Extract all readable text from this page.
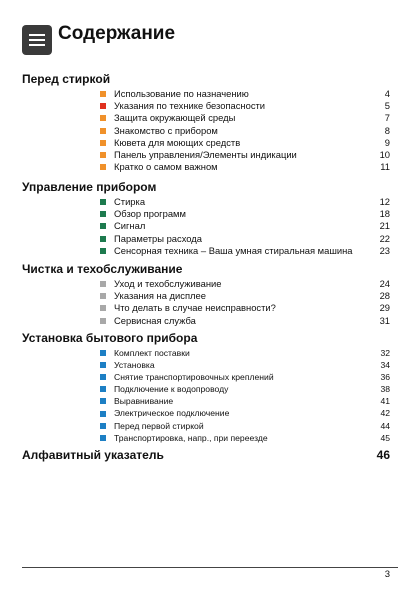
Содержание
Перед стиркой
Использование по назначению	4
Указания по технике безопасности	5
Защита окружающей среды	7
Знакомство с прибором	8
Кювета для моющих средств	9
Панель управления/Элементы индикации	10
Кратко о самом важном	11
Управление прибором
Стирка	12
Обзор программ	18
Сигнал	21
Параметры расхода	22
Сенсорная техника – Ваша умная стиральная машина	23
Чистка и техобслуживание
Уход и техобслуживание	24
Указания на дисплее	28
Что делать в случае неисправности?	29
Сервисная служба	31
Установка бытового прибора
Комплект поставки	32
Установка	34
Снятие транспортировочных креплений	36
Подключение к водопроводу	38
Выравнивание	41
Электрическое подключение	42
Перед первой стиркой	44
Транспортировка, напр., при переезде	45
Алфавитный указатель	46
3
